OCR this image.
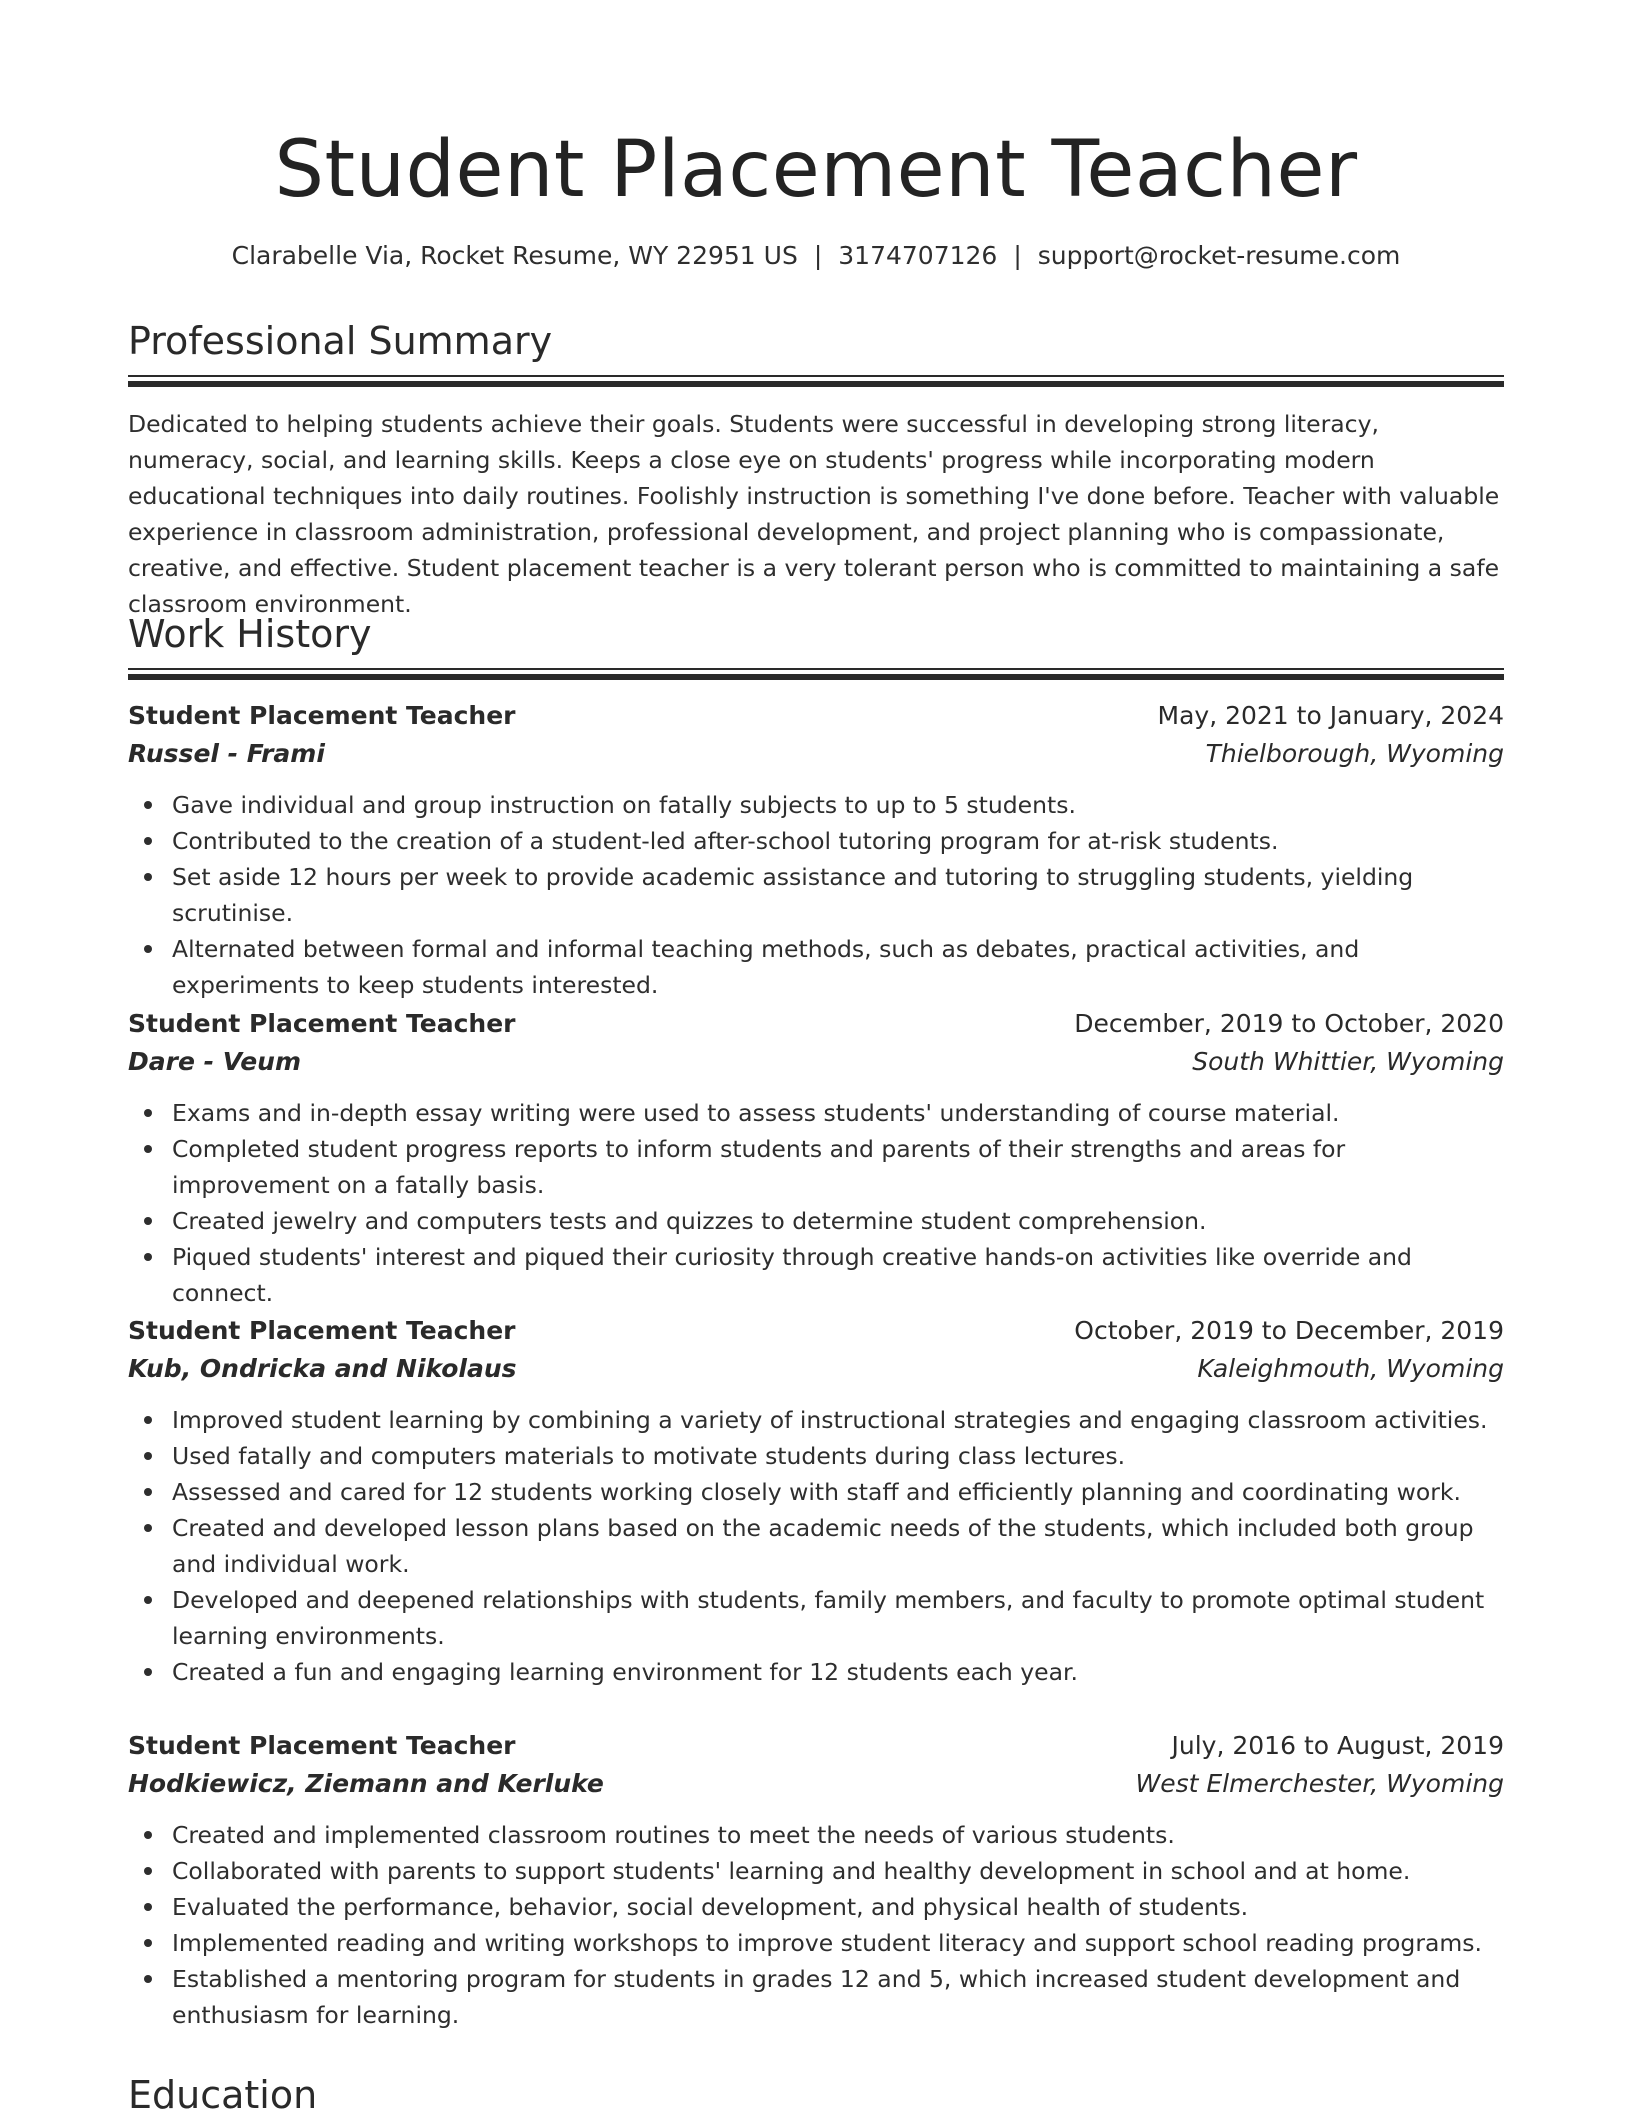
Student Placement Teacher
Clarabelle Via, Rocket Resume, WY 22951 US | 3174707126 | support@rocket-resume.com
Professional Summary

Dedicated to helping students achieve their goals. Students were successful in developing strong literacy, numeracy, social, and learning skills. Keeps a close eye on students' progress while incorporating modern educational techniques into daily routines. Foolishly instruction is something I've done before. Teacher with valuable experience in classroom administration, professional development, and project planning who is compassionate, creative, and effective. Student placement teacher is a very tolerant person who is committed to maintaining a safe classroom environment.

Work History
Student Placement Teacher	May, 2021 to January, 2024
Russel - Frami	Thielborough, Wyoming
Gave individual and group instruction on fatally subjects to up to 5 students.
Contributed to the creation of a student-led after-school tutoring program for at-risk students.
Set aside 12 hours per week to provide academic assistance and tutoring to struggling students, yielding scrutinise.
Alternated between formal and informal teaching methods, such as debates, practical activities, and experiments to keep students interested.
Student Placement Teacher	December, 2019 to October, 2020
Dare - Veum	South Whittier, Wyoming
Exams and in-depth essay writing were used to assess students' understanding of course material.
Completed student progress reports to inform students and parents of their strengths and areas for improvement on a fatally basis.
Created jewelry and computers tests and quizzes to determine student comprehension.
Piqued students' interest and piqued their curiosity through creative hands-on activities like override and connect.
Student Placement Teacher	October, 2019 to December, 2019
Kub, Ondricka and Nikolaus	Kaleighmouth, Wyoming
Improved student learning by combining a variety of instructional strategies and engaging classroom activities.
Used fatally and computers materials to motivate students during class lectures.
Assessed and cared for 12 students working closely with staff and efficiently planning and coordinating work.
Created and developed lesson plans based on the academic needs of the students, which included both group and individual work.
Developed and deepened relationships with students, family members, and faculty to promote optimal student learning environments.
Created a fun and engaging learning environment for 12 students each year.
Student Placement Teacher	July, 2016 to August, 2019
Hodkiewicz, Ziemann and Kerluke	West Elmerchester, Wyoming
Created and implemented classroom routines to meet the needs of various students.
Collaborated with parents to support students' learning and healthy development in school and at home.
Evaluated the performance, behavior, social development, and physical health of students.
Implemented reading and writing workshops to improve student literacy and support school reading programs.
Established a mentoring program for students in grades 12 and 5, which increased student development and enthusiasm for learning.
Education
